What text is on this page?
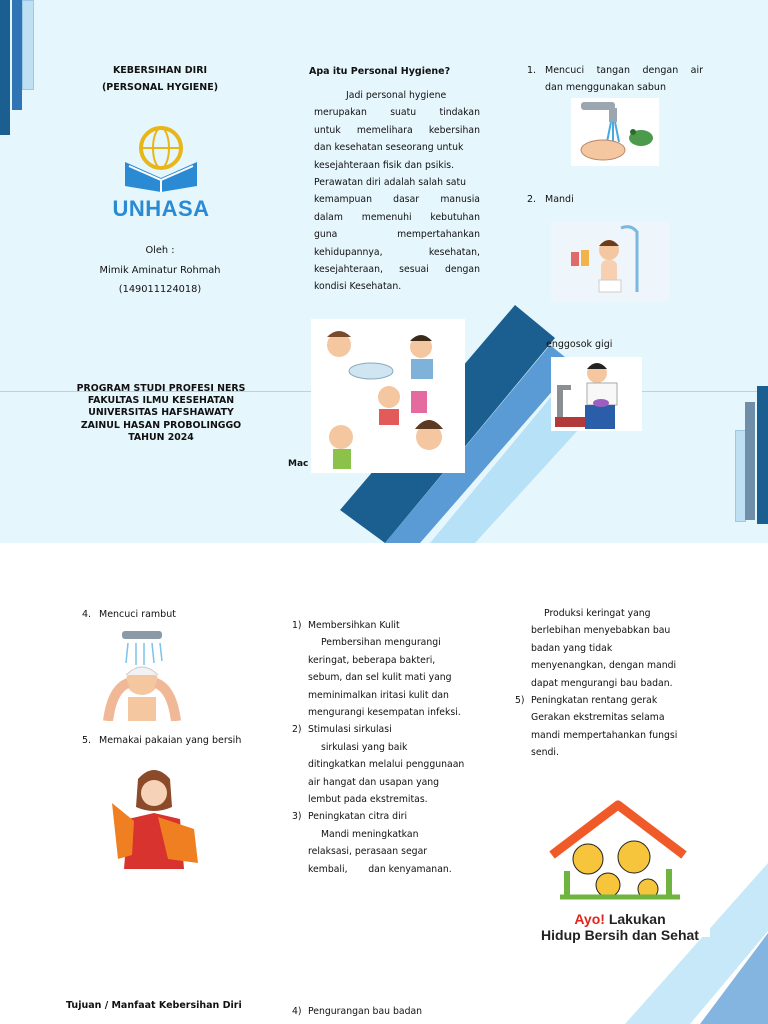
KEBERSIHAN DIRI
(PERSONAL HYGIENE)
UNHASA
Oleh :
Mimik Aminatur Rohmah
(149011124018)
PROGRAM STUDI PROFESI NERS
FAKULTAS ILMU KESEHATAN
UNIVERSITAS HAFSHAWATY
ZAINUL HASAN PROBOLINGGO
TAHUN 2024
Apa itu Personal Hygiene?
Jadi personal hygiene
merupakan suatu tindakan
untuk memelihara kebersihan
dan kesehatan seseorang untuk
kesejahteraan fisik dan psikis.
Perawatan diri adalah salah satu
kemampuan dasar manusia
dalam memenuhi kebutuhan
guna mempertahankan
kehidupannya, kesehatan,
kesejahteraan, sesuai dengan
kondisi Kesehatan.
Mac
1. Mencuci tangan dengan air
dan menggunakan sabun
2. Mandi
enggosok gigi
4. Mencuci rambut
5. Memakai pakaian yang bersih
Tujuan / Manfaat Kebersihan Diri
1) Membersihkan Kulit
Pembersihan mengurangi
keringat, beberapa bakteri,
sebum, dan sel kulit mati yang
meminimalkan iritasi kulit dan
mengurangi kesempatan infeksi.
2) Stimulasi sirkulasi
sirkulasi yang baik
ditingkatkan melalui penggunaan
air hangat dan usapan yang
lembut pada ekstremitas.
3) Peningkatan citra diri
Mandi meningkatkan
relaksasi, perasaan segar
kembali,       dan kenyamanan.
4) Pengurangan bau badan
Produksi keringat yang
berlebihan menyebabkan bau
badan yang tidak
menyenangkan, dengan mandi
dapat mengurangi bau badan.
5) Peningkatan rentang gerak
Gerakan ekstremitas selama
mandi mempertahankan fungsi
sendi.
Ayo! Lakukan
Hidup Bersih dan Sehat
